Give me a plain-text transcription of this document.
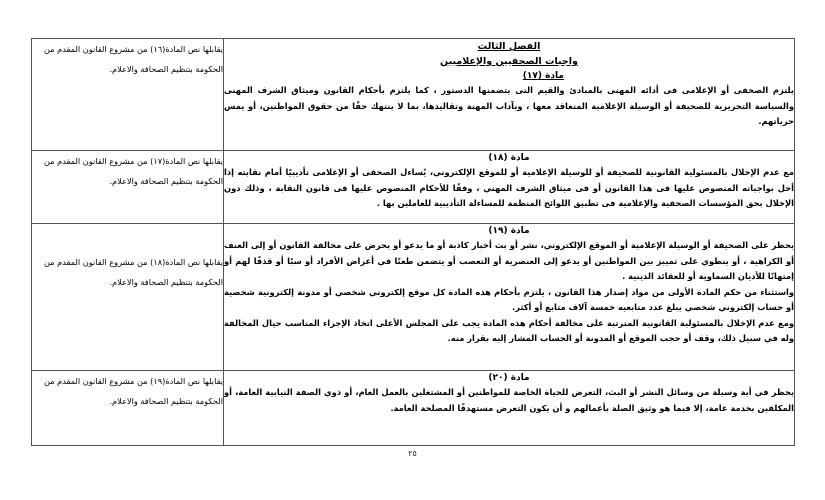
الفصل الثالث
واجبات الصحفيين والإعلاميين
مادة (١٧)

يلتزم الصحفى أو الإعلامى فى أدائه المهنى بالمبادئ والقيم التى يتضمنها الدستور ، كما يلتزم بأحكام القانون وميثاق الشرف المهنى والسياسة التحريرية للصحيفة أو الوسيلة الإعلامية المتعاقد معها ، وبآداب المهنة وتقاليدها، بما لا ينتهك حقًا من حقوق المواطنين، أو يمس حرياتهم.	يقابلها نص المادة(١٦) من مشروع القانون المقدم من الحكومة بتنظيم الصحافة والاعلام.

مادة (١٨)

مع عدم الإخلال بالمسئولية القانونية للصحيفة أو للوسيلة الإعلامية أو للموقع الإلكتروني، يُساءل الصحفى أو الإعلامى تأديبيًا أمام نقابته إذا أخل بواجباته المنصوص عليها فى هذا القانون أو فى ميثاق الشرف المهني ، وفقًا للأحكام المنصوص عليها فى قانون النقابة ، وذلك دون الإخلال بحق المؤسسات الصحفية والإعلامية فى تطبيق اللوائح المنظمة للمساءلة التأديبية للعاملين بها .	يقابلها نص المادة(١٧) من مشروع القانون المقدم من الحكومة بتنظيم الصحافة والاعلام.

مادة (١٩)

يحظر على الصحيفة أو الوسيلة الإعلامية أو الموقع الإلكتروني، نشر أو بث أخبار كاذبة أو ما يدعو أو يحرض على مخالفة القانون أو إلى العنف أو الكراهية ، أو ينطوي على تمييز بين المواطنين أو يدعو إلى العنصرية أو التعصب أو يتضمن طعنًا في أعراض الأفراد أو سبًا أو قذفًا لهم أو إمتهانًا للأديان السماوية أو للعقائد الدينية .

واستثناء من حكم المادة الأولى من مواد إصدار هذا القانون ، يلتزم بأحكام هذه المادة كل موقع إلكتروني شخصي أو مدونة إلكترونية شخصية أو حساب إلكتروني شخصي يبلغ عدد متابعيه خمسة آلاف متابع أو أكثر.

ومع عدم الإخلال بالمسئولية القانونية المترتبة على مخالفة أحكام هذه المادة يجب على المجلس الأعلى اتخاذ الإجراء المناسب حيال المخالفة وله في سبيل ذلك، وقف أو حجب الموقع أو المدونة أو الحساب المشار إليه بقرار منه.	يقابلها نص المادة(١٨) من مشروع القانون المقدم من الحكومة بتنظيم الصحافة والاعلام.

مادة (٢٠)

يحظر في أية وسيلة من وسائل النشر أو البث، التعرض للحياة الخاصة للمواطنين أو المشتغلين بالعمل العام، أو ذوي الصفة النيابية العامة، أو المكلفين بخدمة عامة، إلا فيما هو وثيق الصلة بأعمالهم و أن يكون التعرض مستهدفًا المصلحة العامة.	يقابلها نص المادة(١٩) من مشروع القانون المقدم من الحكومة بتنظيم الصحافة والاعلام.
٢٥
